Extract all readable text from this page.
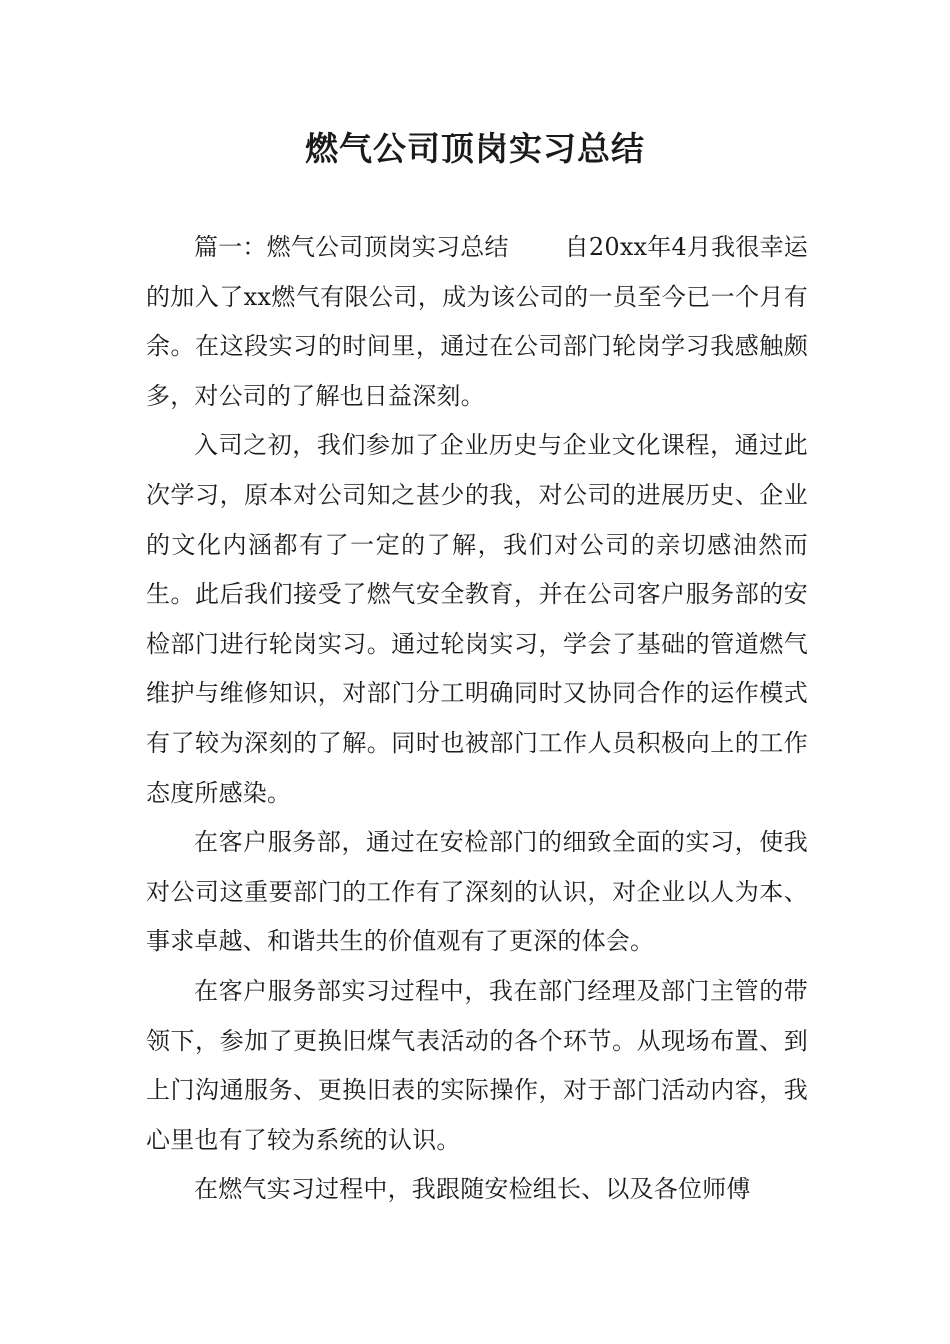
燃气公司顶岗实习总结

篇一：燃气公司顶岗实习总结 自20xx年4月我很幸运的加入了xx燃气有限公司，成为该公司的一员至今已一个月有余。在这段实习的时间里，通过在公司部门轮岗学习我感触颇多，对公司的了解也日益深刻。

入司之初，我们参加了企业历史与企业文化课程，通过此次学习，原本对公司知之甚少的我，对公司的进展历史、企业的文化内涵都有了一定的了解，我们对公司的亲切感油然而生。此后我们接受了燃气安全教育，并在公司客户服务部的安检部门进行轮岗实习。通过轮岗实习，学会了基础的管道燃气维护与维修知识，对部门分工明确同时又协同合作的运作模式有了较为深刻的了解。同时也被部门工作人员积极向上的工作态度所感染。

在客户服务部，通过在安检部门的细致全面的实习，使我对公司这重要部门的工作有了深刻的认识，对企业以人为本、事求卓越、和谐共生的价值观有了更深的体会。

在客户服务部实习过程中，我在部门经理及部门主管的带领下，参加了更换旧煤气表活动的各个环节。从现场布置、到上门沟通服务、更换旧表的实际操作，对于部门活动内容，我心里也有了较为系统的认识。

在燃气实习过程中，我跟随安检组长、以及各位师傅
